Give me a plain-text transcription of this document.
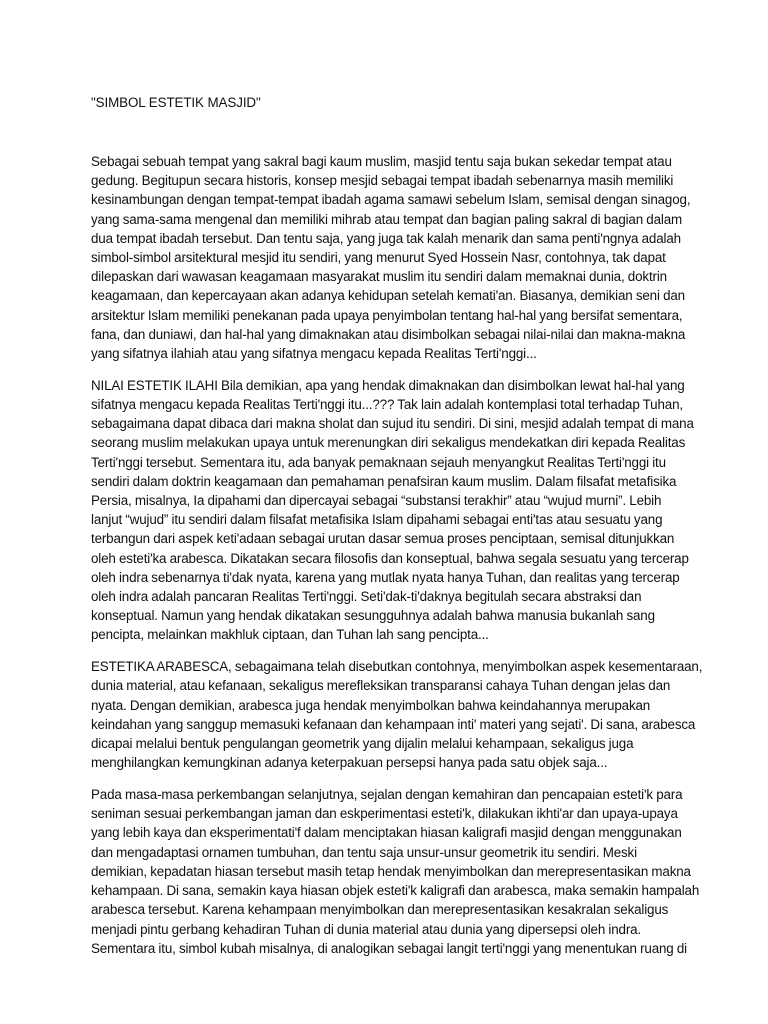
"SIMBOL ESTETIK MASJID"
Sebagai sebuah tempat yang sakral bagi kaum muslim, masjid tentu saja bukan sekedar tempat atau
gedung. Begitupun secara historis, konsep mesjid sebagai tempat ibadah sebenarnya masih memiliki
kesinambungan dengan tempat-tempat ibadah agama samawi sebelum Islam, semisal dengan sinagog,
yang sama-sama mengenal dan memiliki mihrab atau tempat dan bagian paling sakral di bagian dalam
dua tempat ibadah tersebut. Dan tentu saja, yang juga tak kalah menarik dan sama penti'ngnya adalah
simbol-simbol arsitektural mesjid itu sendiri, yang menurut Syed Hossein Nasr, contohnya, tak dapat
dilepaskan dari wawasan keagamaan masyarakat muslim itu sendiri dalam memaknai dunia, doktrin
keagamaan, dan kepercayaan akan adanya kehidupan setelah kemati'an. Biasanya, demikian seni dan
arsitektur Islam memiliki penekanan pada upaya penyimbolan tentang hal-hal yang bersifat sementara,
fana, dan duniawi, dan hal-hal yang dimaknakan atau disimbolkan sebagai nilai-nilai dan makna-makna
yang sifatnya ilahiah atau yang sifatnya mengacu kepada Realitas Terti'nggi...
NILAI ESTETIK ILAHI Bila demikian, apa yang hendak dimaknakan dan disimbolkan lewat hal-hal yang
sifatnya mengacu kepada Realitas Terti'nggi itu...??? Tak lain adalah kontemplasi total terhadap Tuhan,
sebagaimana dapat dibaca dari makna sholat dan sujud itu sendiri. Di sini, mesjid adalah tempat di mana
seorang muslim melakukan upaya untuk merenungkan diri sekaligus mendekatkan diri kepada Realitas
Terti'nggi tersebut. Sementara itu, ada banyak pemaknaan sejauh menyangkut Realitas Terti'nggi itu
sendiri dalam doktrin keagamaan dan pemahaman penafsiran kaum muslim. Dalam filsafat metafisika
Persia, misalnya, Ia dipahami dan dipercayai sebagai “substansi terakhir” atau “wujud murni”. Lebih
lanjut “wujud” itu sendiri dalam filsafat metafisika Islam dipahami sebagai enti'tas atau sesuatu yang
terbangun dari aspek keti'adaan sebagai urutan dasar semua proses penciptaan, semisal ditunjukkan
oleh esteti'ka arabesca. Dikatakan secara filosofis dan konseptual, bahwa segala sesuatu yang tercerap
oleh indra sebenarnya ti'dak nyata, karena yang mutlak nyata hanya Tuhan, dan realitas yang tercerap
oleh indra adalah pancaran Realitas Terti'nggi. Seti'dak-ti'daknya begitulah secara abstraksi dan
konseptual. Namun yang hendak dikatakan sesungguhnya adalah bahwa manusia bukanlah sang
pencipta, melainkan makhluk ciptaan, dan Tuhan lah sang pencipta...
ESTETIKA ARABESCA, sebagaimana telah disebutkan contohnya, menyimbolkan aspek kesementaraan,
dunia material, atau kefanaan, sekaligus merefleksikan transparansi cahaya Tuhan dengan jelas dan
nyata. Dengan demikian, arabesca juga hendak menyimbolkan bahwa keindahannya merupakan
keindahan yang sanggup memasuki kefanaan dan kehampaan inti' materi yang sejati'. Di sana, arabesca
dicapai melalui bentuk pengulangan geometrik yang dijalin melalui kehampaan, sekaligus juga
menghilangkan kemungkinan adanya keterpakuan persepsi hanya pada satu objek saja...
Pada masa-masa perkembangan selanjutnya, sejalan dengan kemahiran dan pencapaian esteti'k para
seniman sesuai perkembangan jaman dan eskperimentasi esteti'k, dilakukan ikhti'ar dan upaya-upaya
yang lebih kaya dan eksperimentati'f dalam menciptakan hiasan kaligrafi masjid dengan menggunakan
dan mengadaptasi ornamen tumbuhan, dan tentu saja unsur-unsur geometrik itu sendiri. Meski
demikian, kepadatan hiasan tersebut masih tetap hendak menyimbolkan dan merepresentasikan makna
kehampaan. Di sana, semakin kaya hiasan objek esteti'k kaligrafi dan arabesca, maka semakin hampalah
arabesca tersebut. Karena kehampaan menyimbolkan dan merepresentasikan kesakralan sekaligus
menjadi pintu gerbang kehadiran Tuhan di dunia material atau dunia yang dipersepsi oleh indra.
Sementara itu, simbol kubah misalnya, di analogikan sebagai langit terti'nggi yang menentukan ruang di
